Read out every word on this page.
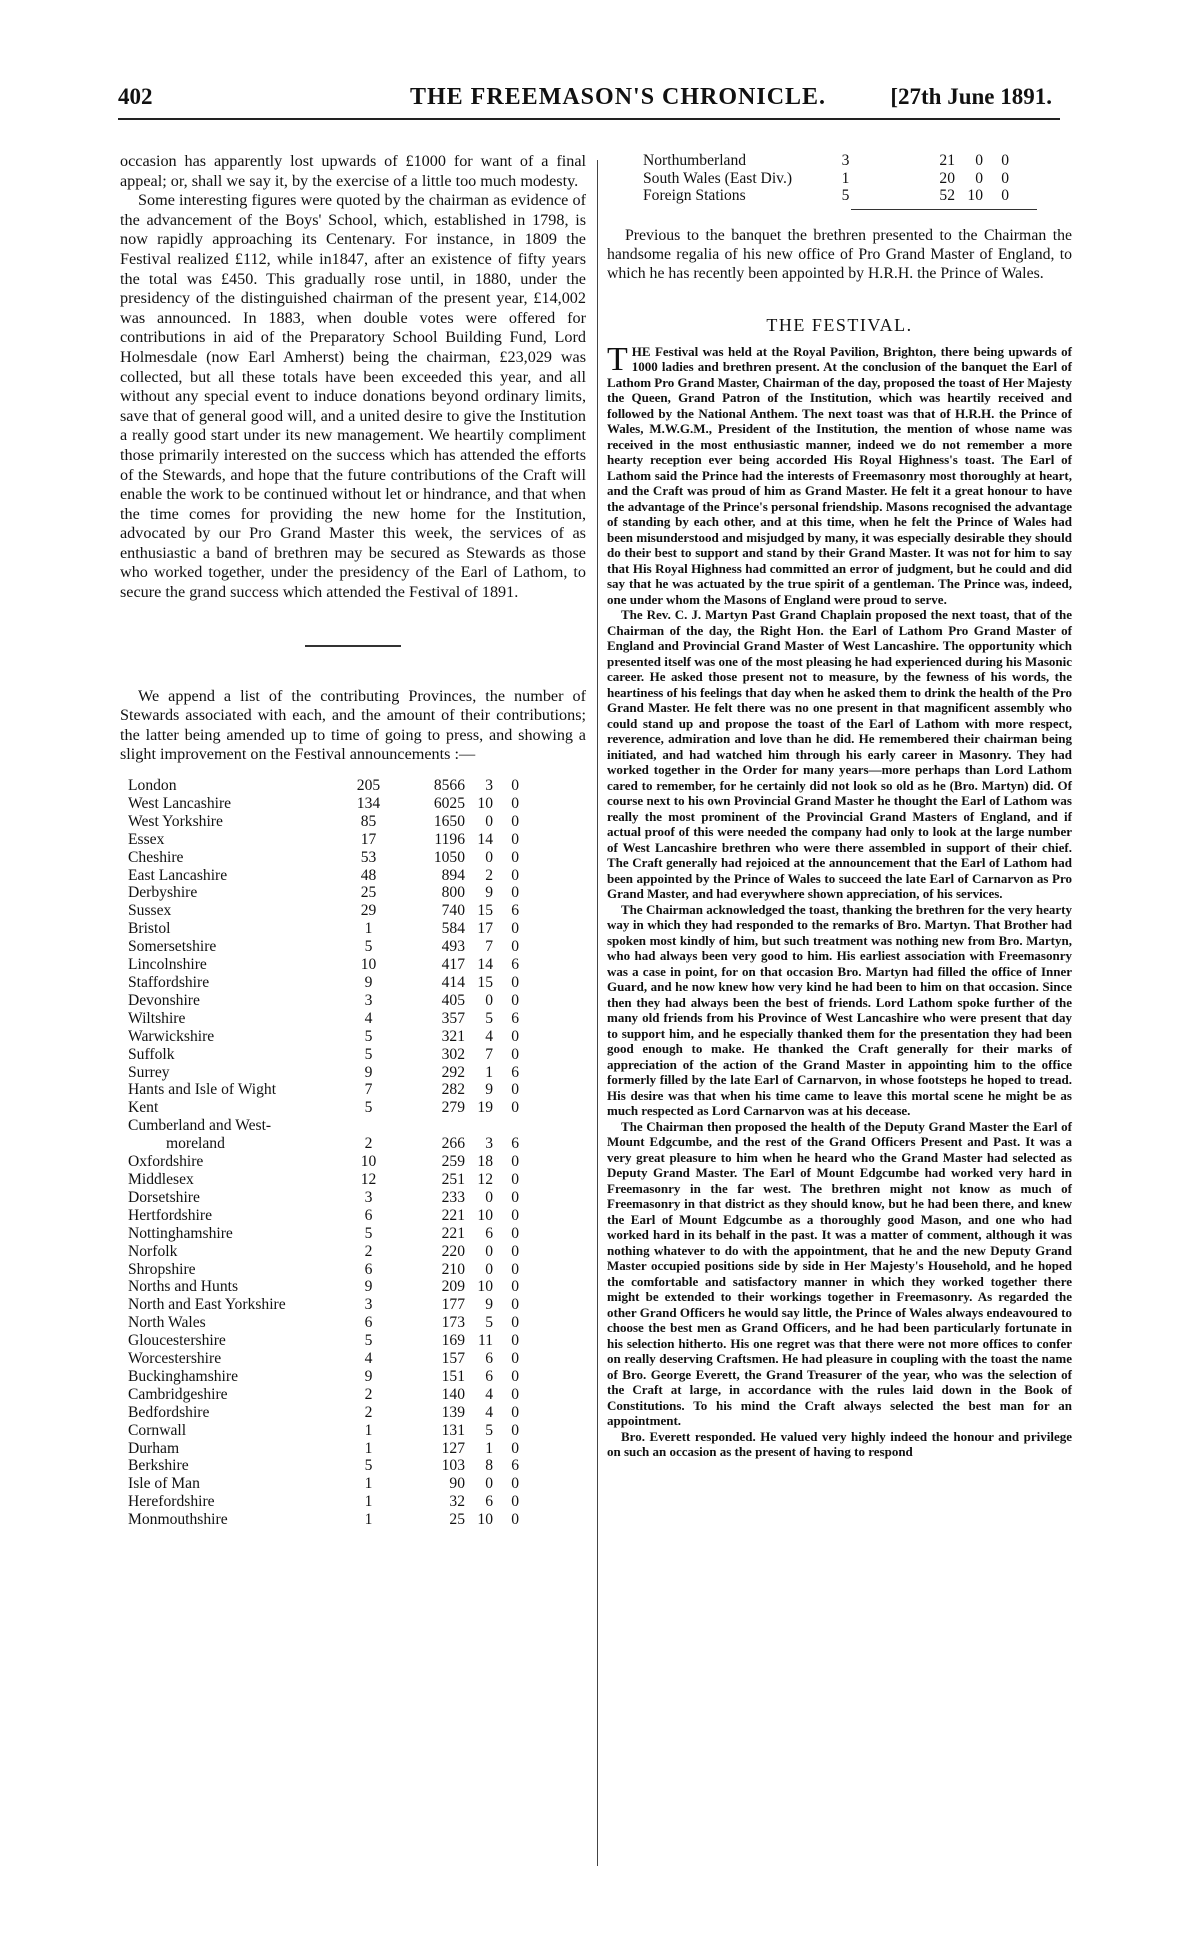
402	THE FREEMASON'S CHRONICLE.	[27th June 1891.

occasion has apparently lost upwards of £1000 for want of a final appeal; or, shall we say it, by the exercise of a little too much modesty.

Some interesting figures were quoted by the chairman as evidence of the advancement of the Boys' School, which, established in 1798, is now rapidly approaching its Centenary. For instance, in 1809 the Festival realized £112, while in1847, after an existence of fifty years the total was £450. This gradually rose until, in 1880, under the presidency of the distinguished chairman of the present year, £14,002 was announced. In 1883, when double votes were offered for contributions in aid of the Preparatory School Building Fund, Lord Holmesdale (now Earl Amherst) being the chairman, £23,029 was collected, but all these totals have been exceeded this year, and all without any special event to induce donations beyond ordinary limits, save that of general good will, and a united desire to give the Institution a really good start under its new management. We heartily compliment those primarily interested on the success which has attended the efforts of the Stewards, and hope that the future contributions of the Craft will enable the work to be continued without let or hindrance, and that when the time comes for providing the new home for the Institution, advocated by our Pro Grand Master this week, the services of as enthusiastic a band of brethren may be secured as Stewards as those who worked together, under the presidency of the Earl of Lathom, to secure the grand success which attended the Festival of 1891.

We append a list of the contributing Provinces, the number of Stewards associated with each, and the amount of their contributions; the latter being amended up to time of going to press, and showing a slight improvement on the Festival announcements :—

London	205	8566	3	0
West Lancashire	134	6025	10	0
West Yorkshire	85	1650	0	0
Essex	17	1196	14	0
Cheshire	53	1050	0	0
East Lancashire	48	894	2	0
Derbyshire	25	800	9	0
Sussex	29	740	15	6
Bristol	1	584	17	0
Somersetshire	5	493	7	0
Lincolnshire	10	417	14	6
Staffordshire	9	414	15	0
Devonshire	3	405	0	0
Wiltshire	4	357	5	6
Warwickshire	5	321	4	0
Suffolk	5	302	7	0
Surrey	9	292	1	6
Hants and Isle of Wight	7	282	9	0
Kent	5	279	19	0
Cumberland and West-				
moreland	2	266	3	6
Oxfordshire	10	259	18	0
Middlesex	12	251	12	0
Dorsetshire	3	233	0	0
Hertfordshire	6	221	10	0
Nottinghamshire	5	221	6	0
Norfolk	2	220	0	0
Shropshire	6	210	0	0
Norths and Hunts	9	209	10	0
North and East Yorkshire	3	177	9	0
North Wales	6	173	5	0
Gloucestershire	5	169	11	0
Worcestershire	4	157	6	0
Buckinghamshire	9	151	6	0
Cambridgeshire	2	140	4	0
Bedfordshire	2	139	4	0
Cornwall	1	131	5	0
Durham	1	127	1	0
Berkshire	5	103	8	6
Isle of Man	1	90	0	0
Herefordshire	1	32	6	0
Monmouthshire	1	25	10	0
Northumberland	3	21	0	0
South Wales (East Div.)	1	20	0	0
Foreign Stations	5	52	10	0

Previous to the banquet the brethren presented to the Chairman the handsome regalia of his new office of Pro Grand Master of England, to which he has recently been appointed by H.R.H. the Prince of Wales.

THE FESTIVAL.

THE Festival was held at the Royal Pavilion, Brighton, there being upwards of 1000 ladies and brethren present. At the conclusion of the banquet the Earl of Lathom Pro Grand Master, Chairman of the day, proposed the toast of Her Majesty the Queen, Grand Patron of the Institution, which was heartily received and followed by the National Anthem. The next toast was that of H.R.H. the Prince of Wales, M.W.G.M., President of the Institution, the mention of whose name was received in the most enthusiastic manner, indeed we do not remember a more hearty reception ever being accorded His Royal Highness's toast. The Earl of Lathom said the Prince had the interests of Freemasonry most thoroughly at heart, and the Craft was proud of him as Grand Master. He felt it a great honour to have the advantage of the Prince's personal friendship. Masons recognised the advantage of standing by each other, and at this time, when he felt the Prince of Wales had been misunderstood and misjudged by many, it was especially desirable they should do their best to support and stand by their Grand Master. It was not for him to say that His Royal Highness had committed an error of judgment, but he could and did say that he was actuated by the true spirit of a gentleman. The Prince was, indeed, one under whom the Masons of England were proud to serve.

The Rev. C. J. Martyn Past Grand Chaplain proposed the next toast, that of the Chairman of the day, the Right Hon. the Earl of Lathom Pro Grand Master of England and Provincial Grand Master of West Lancashire. The opportunity which presented itself was one of the most pleasing he had experienced during his Masonic career. He asked those present not to measure, by the fewness of his words, the heartiness of his feelings that day when he asked them to drink the health of the Pro Grand Master. He felt there was no one present in that magnificent assembly who could stand up and propose the toast of the Earl of Lathom with more respect, reverence, admiration and love than he did. He remembered their chairman being initiated, and had watched him through his early career in Masonry. They had worked together in the Order for many years—more perhaps than Lord Lathom cared to remember, for he certainly did not look so old as he (Bro. Martyn) did. Of course next to his own Provincial Grand Master he thought the Earl of Lathom was really the most prominent of the Provincial Grand Masters of England, and if actual proof of this were needed the company had only to look at the large number of West Lancashire brethren who were there assembled in support of their chief. The Craft generally had rejoiced at the announcement that the Earl of Lathom had been appointed by the Prince of Wales to succeed the late Earl of Carnarvon as Pro Grand Master, and had everywhere shown appreciation, of his services.

The Chairman acknowledged the toast, thanking the brethren for the very hearty way in which they had responded to the remarks of Bro. Martyn. That Brother had spoken most kindly of him, but such treatment was nothing new from Bro. Martyn, who had always been very good to him. His earliest association with Freemasonry was a case in point, for on that occasion Bro. Martyn had filled the office of Inner Guard, and he now knew how very kind he had been to him on that occasion. Since then they had always been the best of friends. Lord Lathom spoke further of the many old friends from his Province of West Lancashire who were present that day to support him, and he especially thanked them for the presentation they had been good enough to make. He thanked the Craft generally for their marks of appreciation of the action of the Grand Master in appointing him to the office formerly filled by the late Earl of Carnarvon, in whose footsteps he hoped to tread. His desire was that when his time came to leave this mortal scene he might be as much respected as Lord Carnarvon was at his decease.

The Chairman then proposed the health of the Deputy Grand Master the Earl of Mount Edgcumbe, and the rest of the Grand Officers Present and Past. It was a very great pleasure to him when he heard who the Grand Master had selected as Deputy Grand Master. The Earl of Mount Edgcumbe had worked very hard in Freemasonry in the far west. The brethren might not know as much of Freemasonry in that district as they should know, but he had been there, and knew the Earl of Mount Edgcumbe as a thoroughly good Mason, and one who had worked hard in its behalf in the past. It was a matter of comment, although it was nothing whatever to do with the appointment, that he and the new Deputy Grand Master occupied positions side by side in Her Majesty's Household, and he hoped the comfortable and satisfactory manner in which they worked together there might be extended to their workings together in Freemasonry. As regarded the other Grand Officers he would say little, the Prince of Wales always endeavoured to choose the best men as Grand Officers, and he had been particularly fortunate in his selection hitherto. His one regret was that there were not more offices to confer on really deserving Craftsmen. He had pleasure in coupling with the toast the name of Bro. George Everett, the Grand Treasurer of the year, who was the selection of the Craft at large, in accordance with the rules laid down in the Book of Constitutions. To his mind the Craft always selected the best man for an appointment.

Bro. Everett responded. He valued very highly indeed the honour and privilege on such an occasion as the present of having to respond
